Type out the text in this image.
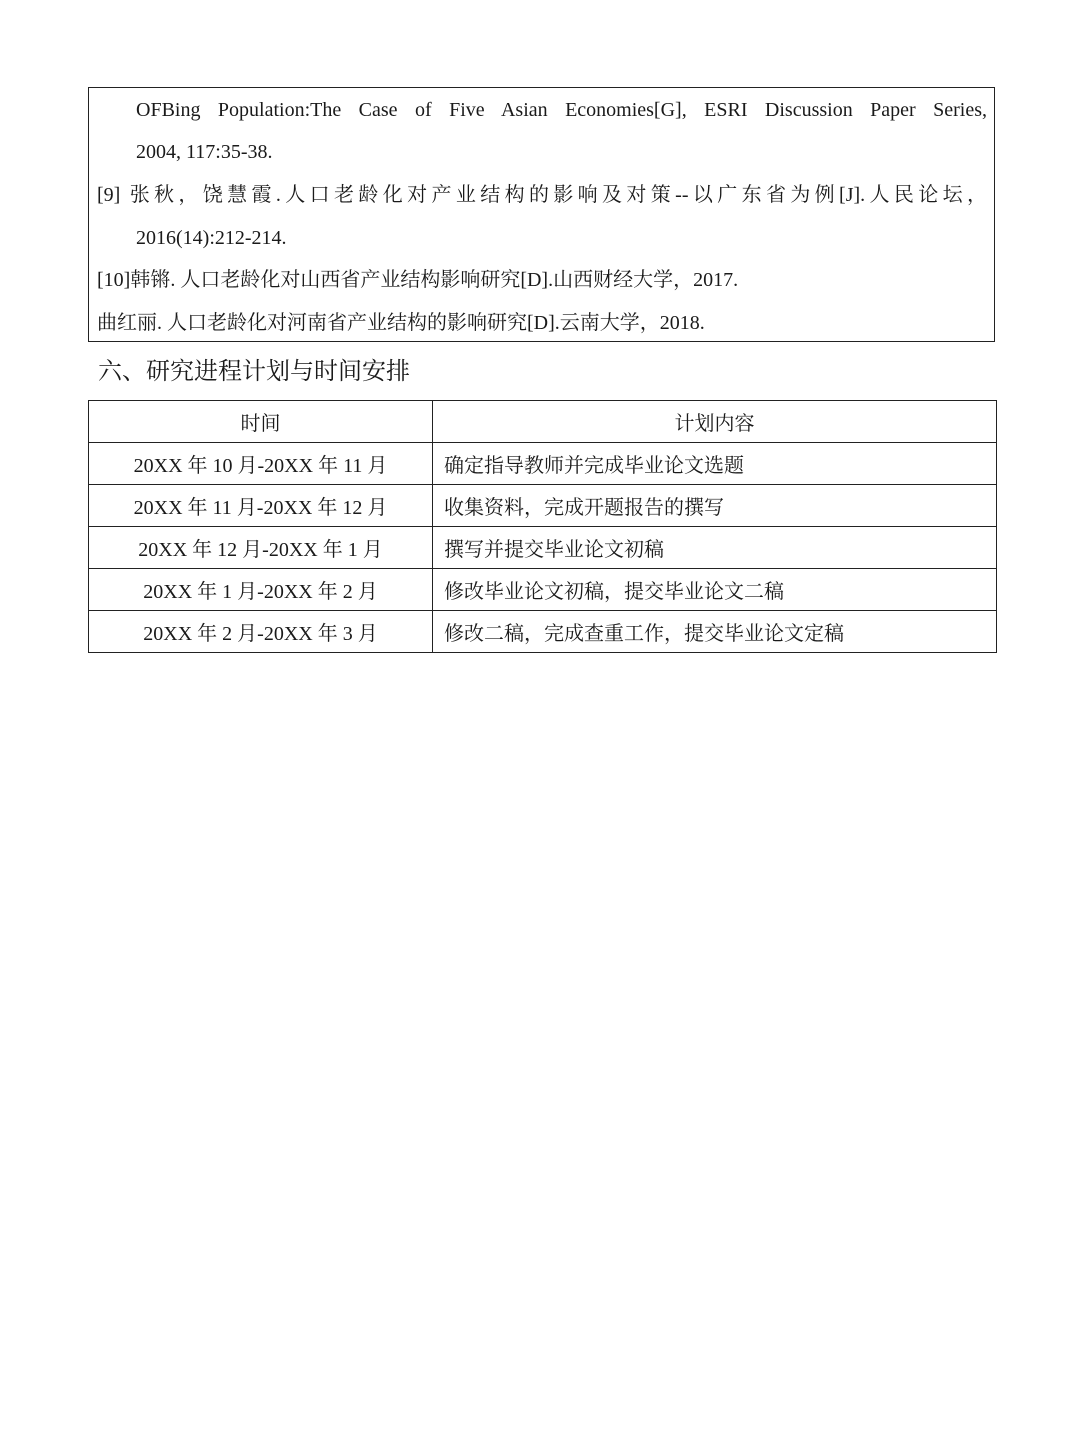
OFBing Population:The Case of Five Asian Economies[G], ESRI Discussion Paper Series,
2004, 117:35-38.
[9] 张秋，饶慧霞.人口老龄化对产业结构的影响及对策--以广东省为例[J].人民论坛，
2016(14):212-214.
[10]韩锵. 人口老龄化对山西省产业结构影响研究[D].山西财经大学，2017.
曲红丽. 人口老龄化对河南省产业结构的影响研究[D].云南大学，2018.
六、研究进程计划与时间安排
时间	计划内容
20XX 年 10 月-20XX 年 11 月	确定指导教师并完成毕业论文选题
20XX 年 11 月-20XX 年 12 月	收集资料，完成开题报告的撰写
20XX 年 12 月-20XX 年 1 月	撰写并提交毕业论文初稿
20XX 年 1 月-20XX 年 2 月	修改毕业论文初稿，提交毕业论文二稿
20XX 年 2 月-20XX 年 3 月	修改二稿，完成查重工作，提交毕业论文定稿
